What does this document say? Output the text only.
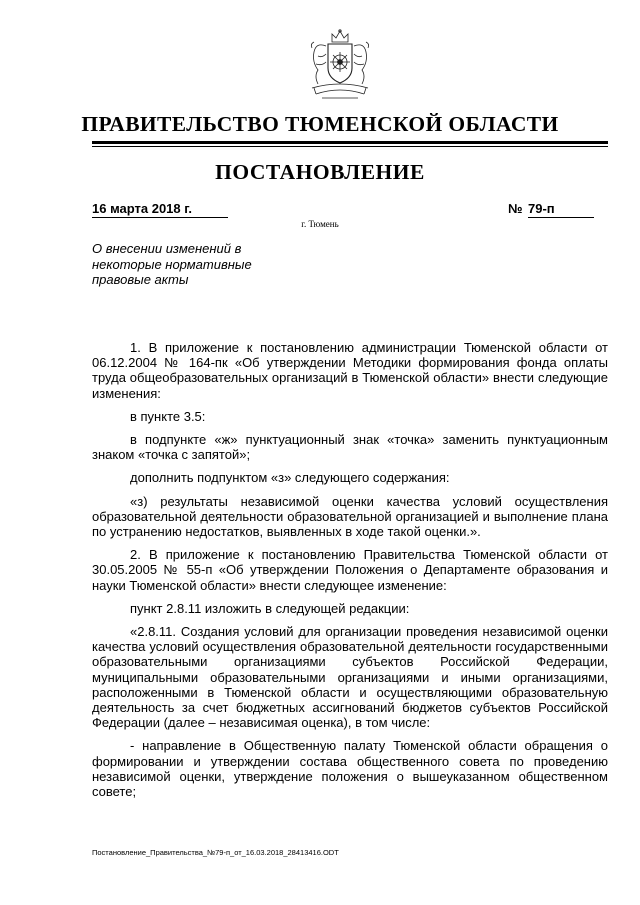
ПРАВИТЕЛЬСТВО ТЮМЕНСКОЙ ОБЛАСТИ
ПОСТАНОВЛЕНИЕ
16 марта 2018 г.	№ 79-п
г. Тюмень
О внесении изменений в некоторые нормативные правовые акты

1. В приложение к постановлению администрации Тюменской области от 06.12.2004 № 164-пк «Об утверждении Методики формирования фонда оплаты труда общеобразовательных организаций в Тюменской области» внести следующие изменения:

в пункте 3.5:

в подпункте «ж» пунктуационный знак «точка» заменить пунктуационным знаком «точка с запятой»;

дополнить подпунктом «з» следующего содержания:

«з) результаты независимой оценки качества условий осуществления образовательной деятельности образовательной организацией и выполнение плана по устранению недостатков, выявленных в ходе такой оценки.».

2. В приложение к постановлению Правительства Тюменской области от 30.05.2005 № 55-п «Об утверждении Положения о Департаменте образования и науки Тюменской области» внести следующее изменение:

пункт 2.8.11 изложить в следующей редакции:

«2.8.11. Создания условий для организации проведения независимой оценки качества условий осуществления образовательной деятельности государственными образовательными организациями субъектов Российской Федерации, муниципальными образовательными организациями и иными организациями, расположенными в Тюменской области и осуществляющими образовательную деятельность за счет бюджетных ассигнований бюджетов субъектов Российской Федерации (далее – независимая оценка), в том числе:

- направление в Общественную палату Тюменской области обращения о формировании и утверждении состава общественного совета по проведению независимой оценки, утверждение положения о вышеуказанном общественном совете;

Постановление_Правительства_№79-п_от_16.03.2018_28413416.ODT
